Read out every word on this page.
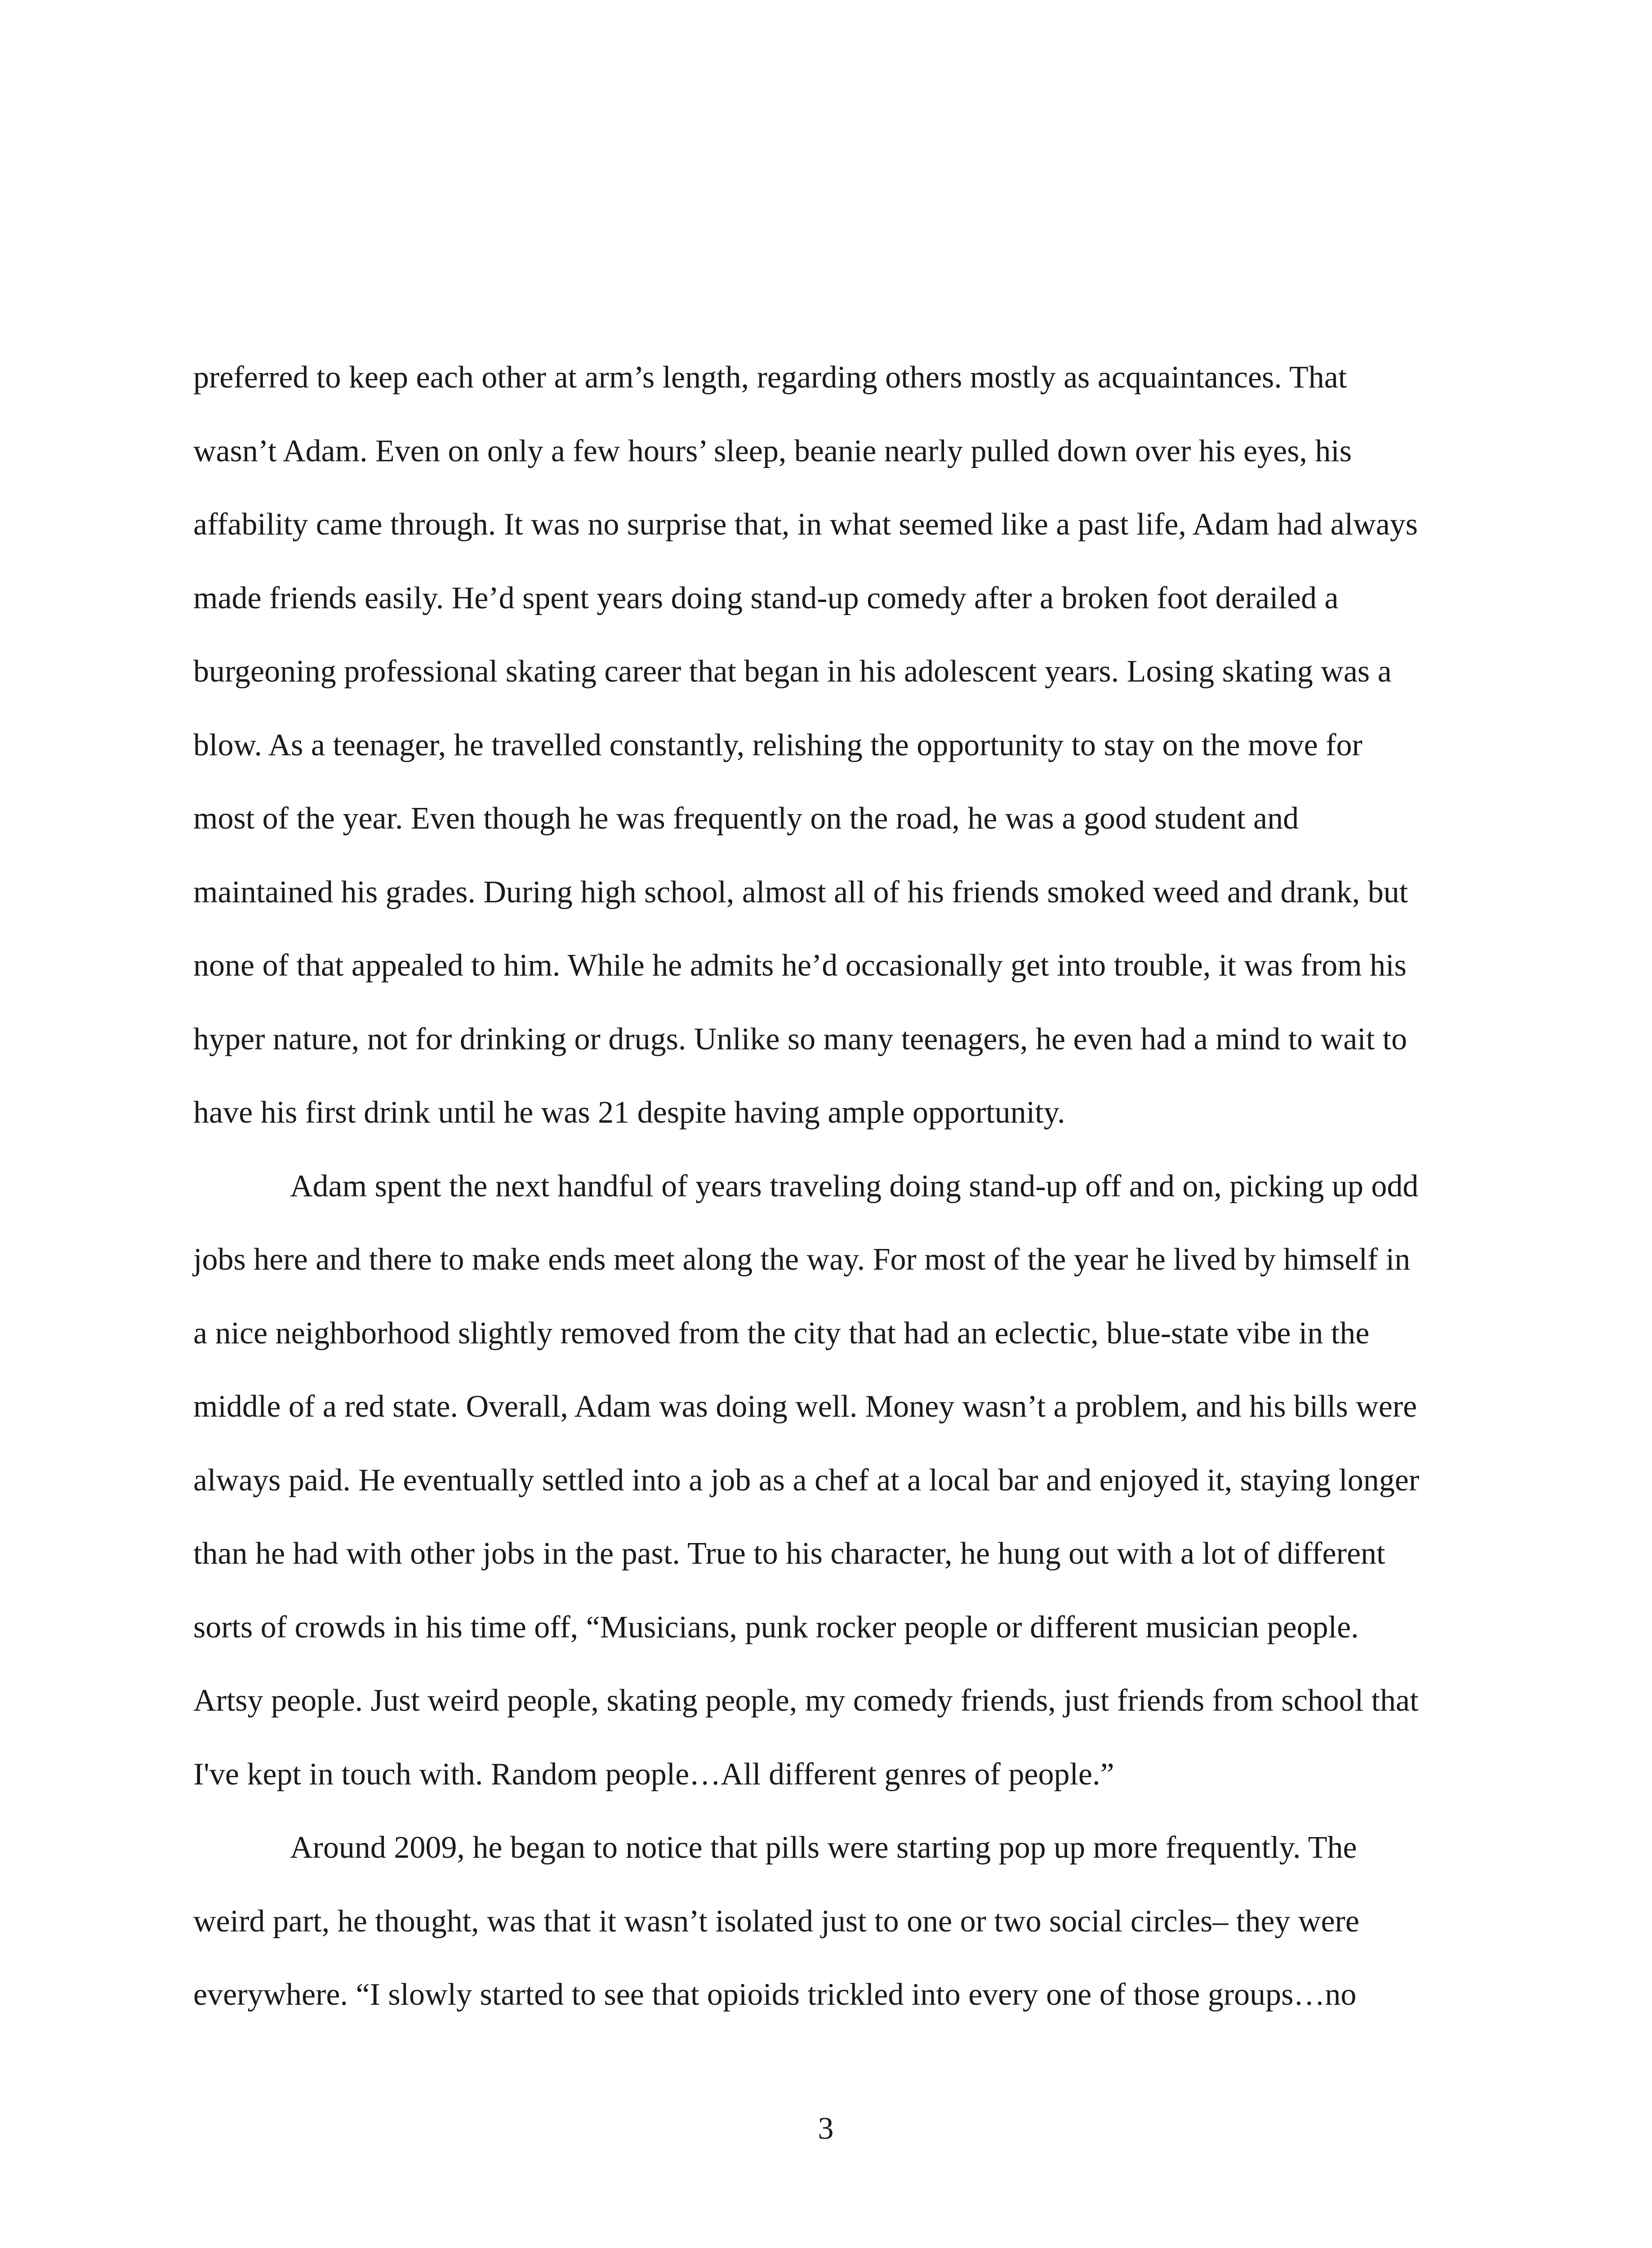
preferred to keep each other at arm’s length, regarding others mostly as acquaintances. That
wasn’t Adam. Even on only a few hours’ sleep, beanie nearly pulled down over his eyes, his
affability came through. It was no surprise that, in what seemed like a past life, Adam had always
made friends easily. He’d spent years doing stand-up comedy after a broken foot derailed a
burgeoning professional skating career that began in his adolescent years. Losing skating was a
blow. As a teenager, he travelled constantly, relishing the opportunity to stay on the move for
most of the year. Even though he was frequently on the road, he was a good student and
maintained his grades. During high school, almost all of his friends smoked weed and drank, but
none of that appealed to him. While he admits he’d occasionally get into trouble, it was from his
hyper nature, not for drinking or drugs. Unlike so many teenagers, he even had a mind to wait to
have his first drink until he was 21 despite having ample opportunity.
Adam spent the next handful of years traveling doing stand-up off and on, picking up odd
jobs here and there to make ends meet along the way. For most of the year he lived by himself in
a nice neighborhood slightly removed from the city that had an eclectic, blue-state vibe in the
middle of a red state. Overall, Adam was doing well. Money wasn’t a problem, and his bills were
always paid. He eventually settled into a job as a chef at a local bar and enjoyed it, staying longer
than he had with other jobs in the past. True to his character, he hung out with a lot of different
sorts of crowds in his time off, “Musicians, punk rocker people or different musician people.
Artsy people. Just weird people, skating people, my comedy friends, just friends from school that
I've kept in touch with. Random people…All different genres of people.”
Around 2009, he began to notice that pills were starting pop up more frequently. The
weird part, he thought, was that it wasn’t isolated just to one or two social circles– they were
everywhere. “I slowly started to see that opioids trickled into every one of those groups…no
3
